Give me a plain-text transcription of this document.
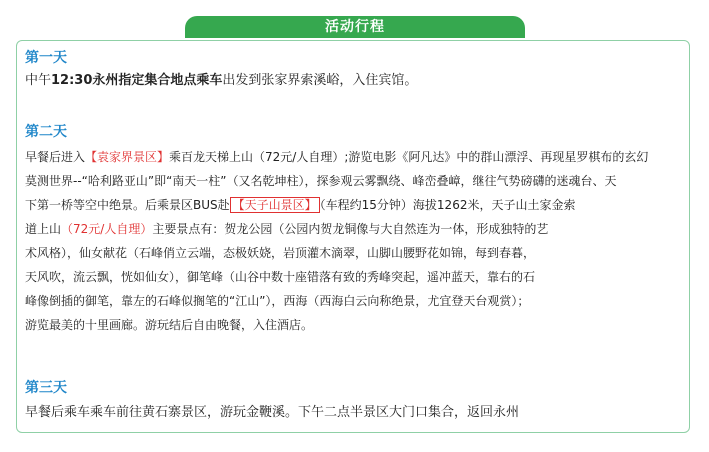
活动行程
第一天

中午12:30永州指定集合地点乘车出发到张家界索溪峪，入住宾馆。

第二天

早餐后进入【袁家界景区】乘百龙天梯上山（72元/人自理）;游览电影《阿凡达》中的群山漂浮、再现星罗棋布的玄幻
莫测世界--“哈利路亚山”即“南天一柱”（又名乾坤柱），探参观云雾飘绕、峰峦叠嶂，继往气势磅礴的迷魂台、天
下第一桥等空中绝景。后乘景区BUS赴 【天子山景区】 （车程约15分钟）海拔1262米，天子山土家金索
道上山（72元/人自理）主要景点有：贺龙公园（公园内贺龙铜像与大自然连为一体，形成独特的艺
术风格），仙女献花（石峰俏立云端，态极妖娆，岩顶灌木滴翠，山脚山腰野花如锦，每到春暮，
天风吹，流云飘，恍如仙女），御笔峰（山谷中数十座错落有致的秀峰突起，遥冲蓝天，靠右的石
峰像倒插的御笔，靠左的石峰似搁笔的“江山”），西海（西海白云向称绝景，尤宜登天台观赏）；
游览最美的十里画廊。游玩结后自由晚餐，入住酒店。

第三天

早餐后乘车乘车前往黄石寨景区，游玩金鞭溪。下午二点半景区大门口集合，返回永州
